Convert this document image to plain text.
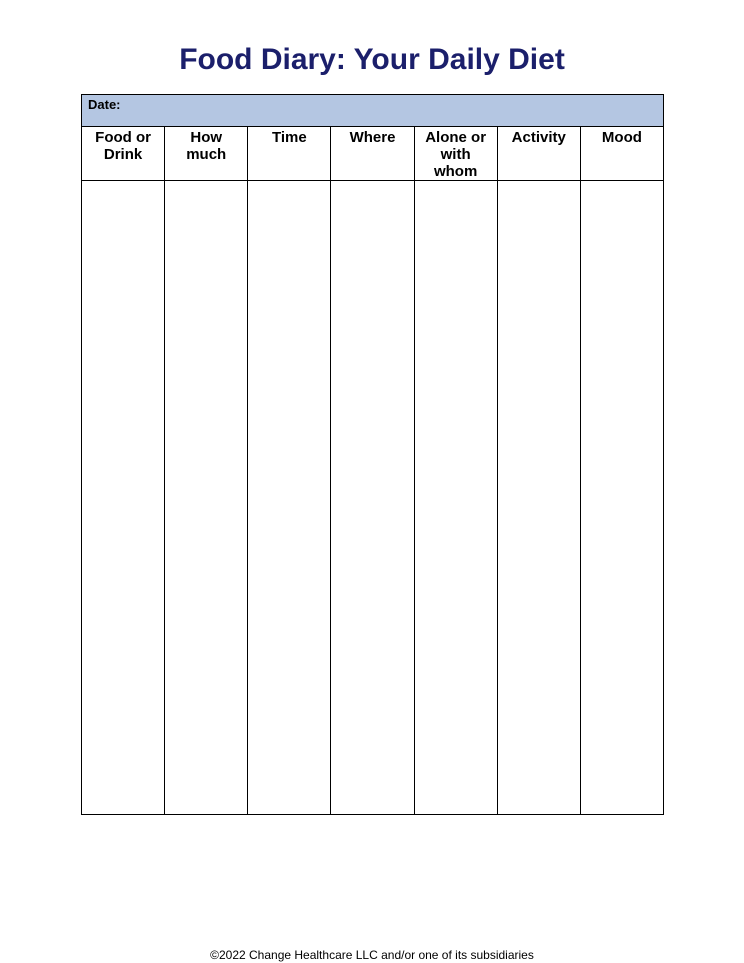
Food Diary: Your Daily Diet
Date:						
Food or Drink	How much	Time	Where	Alone or with whom	Activity	Mood

©2022 Change Healthcare LLC and/or one of its subsidiaries
